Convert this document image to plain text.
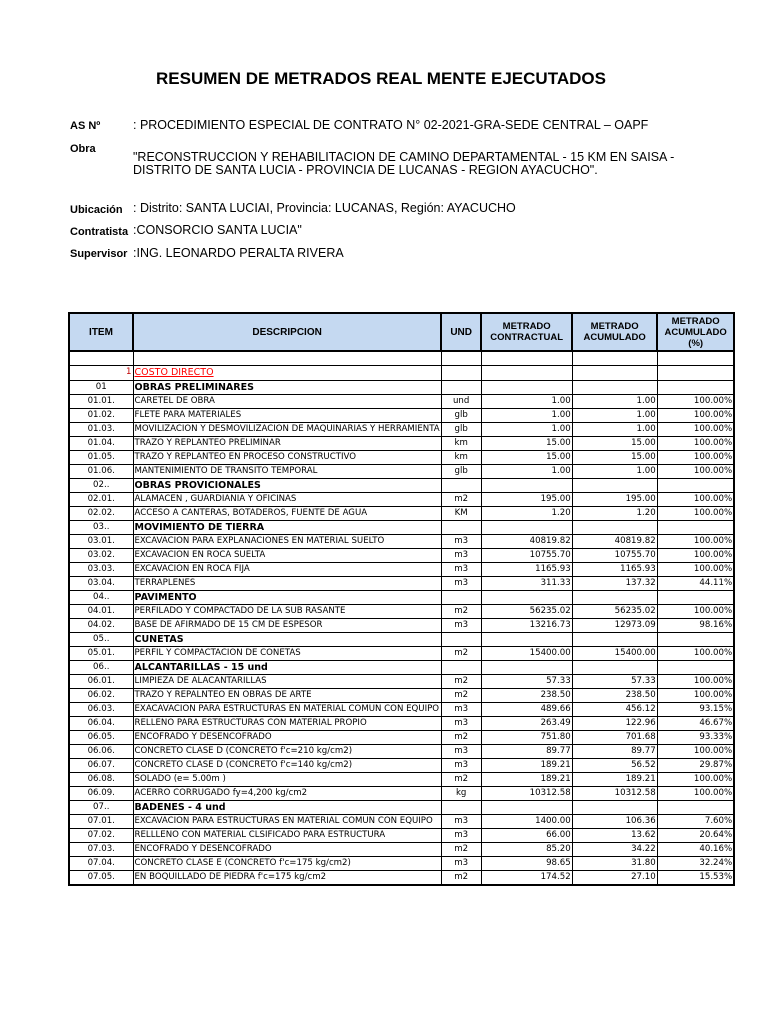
RESUMEN DE METRADOS REAL MENTE EJECUTADOS
AS Nº	: PROCEDIMIENTO ESPECIAL DE CONTRATO N° 02-2021-GRA-SEDE CENTRAL – OAPF
Obra
"RECONSTRUCCION Y REHABILITACION DE CAMINO DEPARTAMENTAL - 15 KM EN SAISA -
DISTRITO DE SANTA LUCIA - PROVINCIA DE LUCANAS - REGION AYACUCHO".
Ubicación : Distrito: SANTA LUCIAI, Provincia: LUCANAS, Región: AYACUCHO
Contratista :CONSORCIO SANTA LUCIA"
Supervisor :ING. LEONARDO PERALTA RIVERA
ITEM	DESCRIPCION	UND	METRADO CONTRACTUAL	METRADO ACUMULADO	METRADO ACUMULADO (%)

1	COSTO DIRECTO				
01	OBRAS PRELIMINARES				
01.01.	CARETEL DE OBRA	und	1.00	1.00	100.00%
01.02.	FLETE PARA MATERIALES	glb	1.00	1.00	100.00%
01.03.	MOVILIZACION Y DESMOVILIZACION DE MAQUINARIAS Y HERRAMIENTA	glb	1.00	1.00	100.00%
01.04.	TRAZO Y REPLANTEO PRELIMINAR	km	15.00	15.00	100.00%
01.05.	TRAZO Y REPLANTEO EN PROCESO CONSTRUCTIVO	km	15.00	15.00	100.00%
01.06.	MANTENIMIENTO DE TRANSITO TEMPORAL	glb	1.00	1.00	100.00%
02..	OBRAS PROVICIONALES				
02.01.	ALAMACEN , GUARDIANIA Y OFICINAS	m2	195.00	195.00	100.00%
02.02.	ACCESO A CANTERAS, BOTADEROS, FUENTE DE AGUA	KM	1.20	1.20	100.00%
03..	MOVIMIENTO DE TIERRA				
03.01.	EXCAVACION PARA EXPLANACIONES EN MATERIAL SUELTO	m3	40819.82	40819.82	100.00%
03.02.	EXCAVACION EN ROCA SUELTA	m3	10755.70	10755.70	100.00%
03.03.	EXCAVACION EN ROCA FIJA	m3	1165.93	1165.93	100.00%
03.04.	TERRAPLENES	m3	311.33	137.32	44.11%
04..	PAVIMENTO				
04.01.	PERFILADO Y COMPACTADO DE LA SUB RASANTE	m2	56235.02	56235.02	100.00%
04.02.	BASE DE AFIRMADO DE 15 CM DE ESPESOR	m3	13216.73	12973.09	98.16%
05..	CUNETAS				
05.01.	PERFIL Y COMPACTACION DE CONETAS	m2	15400.00	15400.00	100.00%
06..	ALCANTARILLAS - 15 und				
06.01.	LIMPIEZA DE ALACANTARILLAS	m2	57.33	57.33	100.00%
06.02.	TRAZO Y REPALNTEO EN OBRAS DE ARTE	m2	238.50	238.50	100.00%
06.03.	EXACAVACION PARA ESTRUCTURAS EN MATERIAL COMUN CON EQUIPO	m3	489.66	456.12	93.15%
06.04.	RELLENO PARA ESTRUCTURAS CON MATERIAL PROPIO	m3	263.49	122.96	46.67%
06.05.	ENCOFRADO Y DESENCOFRADO	m2	751.80	701.68	93.33%
06.06.	CONCRETO CLASE D (CONCRETO f'c=210 kg/cm2)	m3	89.77	89.77	100.00%
06.07.	CONCRETO CLASE D (CONCRETO f'c=140 kg/cm2)	m3	189.21	56.52	29.87%
06.08.	SOLADO (e= 5.00m )	m2	189.21	189.21	100.00%
06.09.	ACERRO CORRUGADO fy=4,200 kg/cm2	kg	10312.58	10312.58	100.00%
07..	BADENES - 4 und				
07.01.	EXCAVACION PARA ESTRUCTURAS EN MATERIAL COMUN CON EQUIPO	m3	1400.00	106.36	7.60%
07.02.	RELLLENO CON MATERIAL CLSIFICADO PARA ESTRUCTURA	m3	66.00	13.62	20.64%
07.03.	ENCOFRADO Y DESENCOFRADO	m2	85.20	34.22	40.16%
07.04.	CONCRETO CLASE E (CONCRETO f'c=175 kg/cm2)	m3	98.65	31.80	32.24%
07.05.	EN BOQUILLADO DE PIEDRA f'c=175 kg/cm2	m2	174.52	27.10	15.53%
